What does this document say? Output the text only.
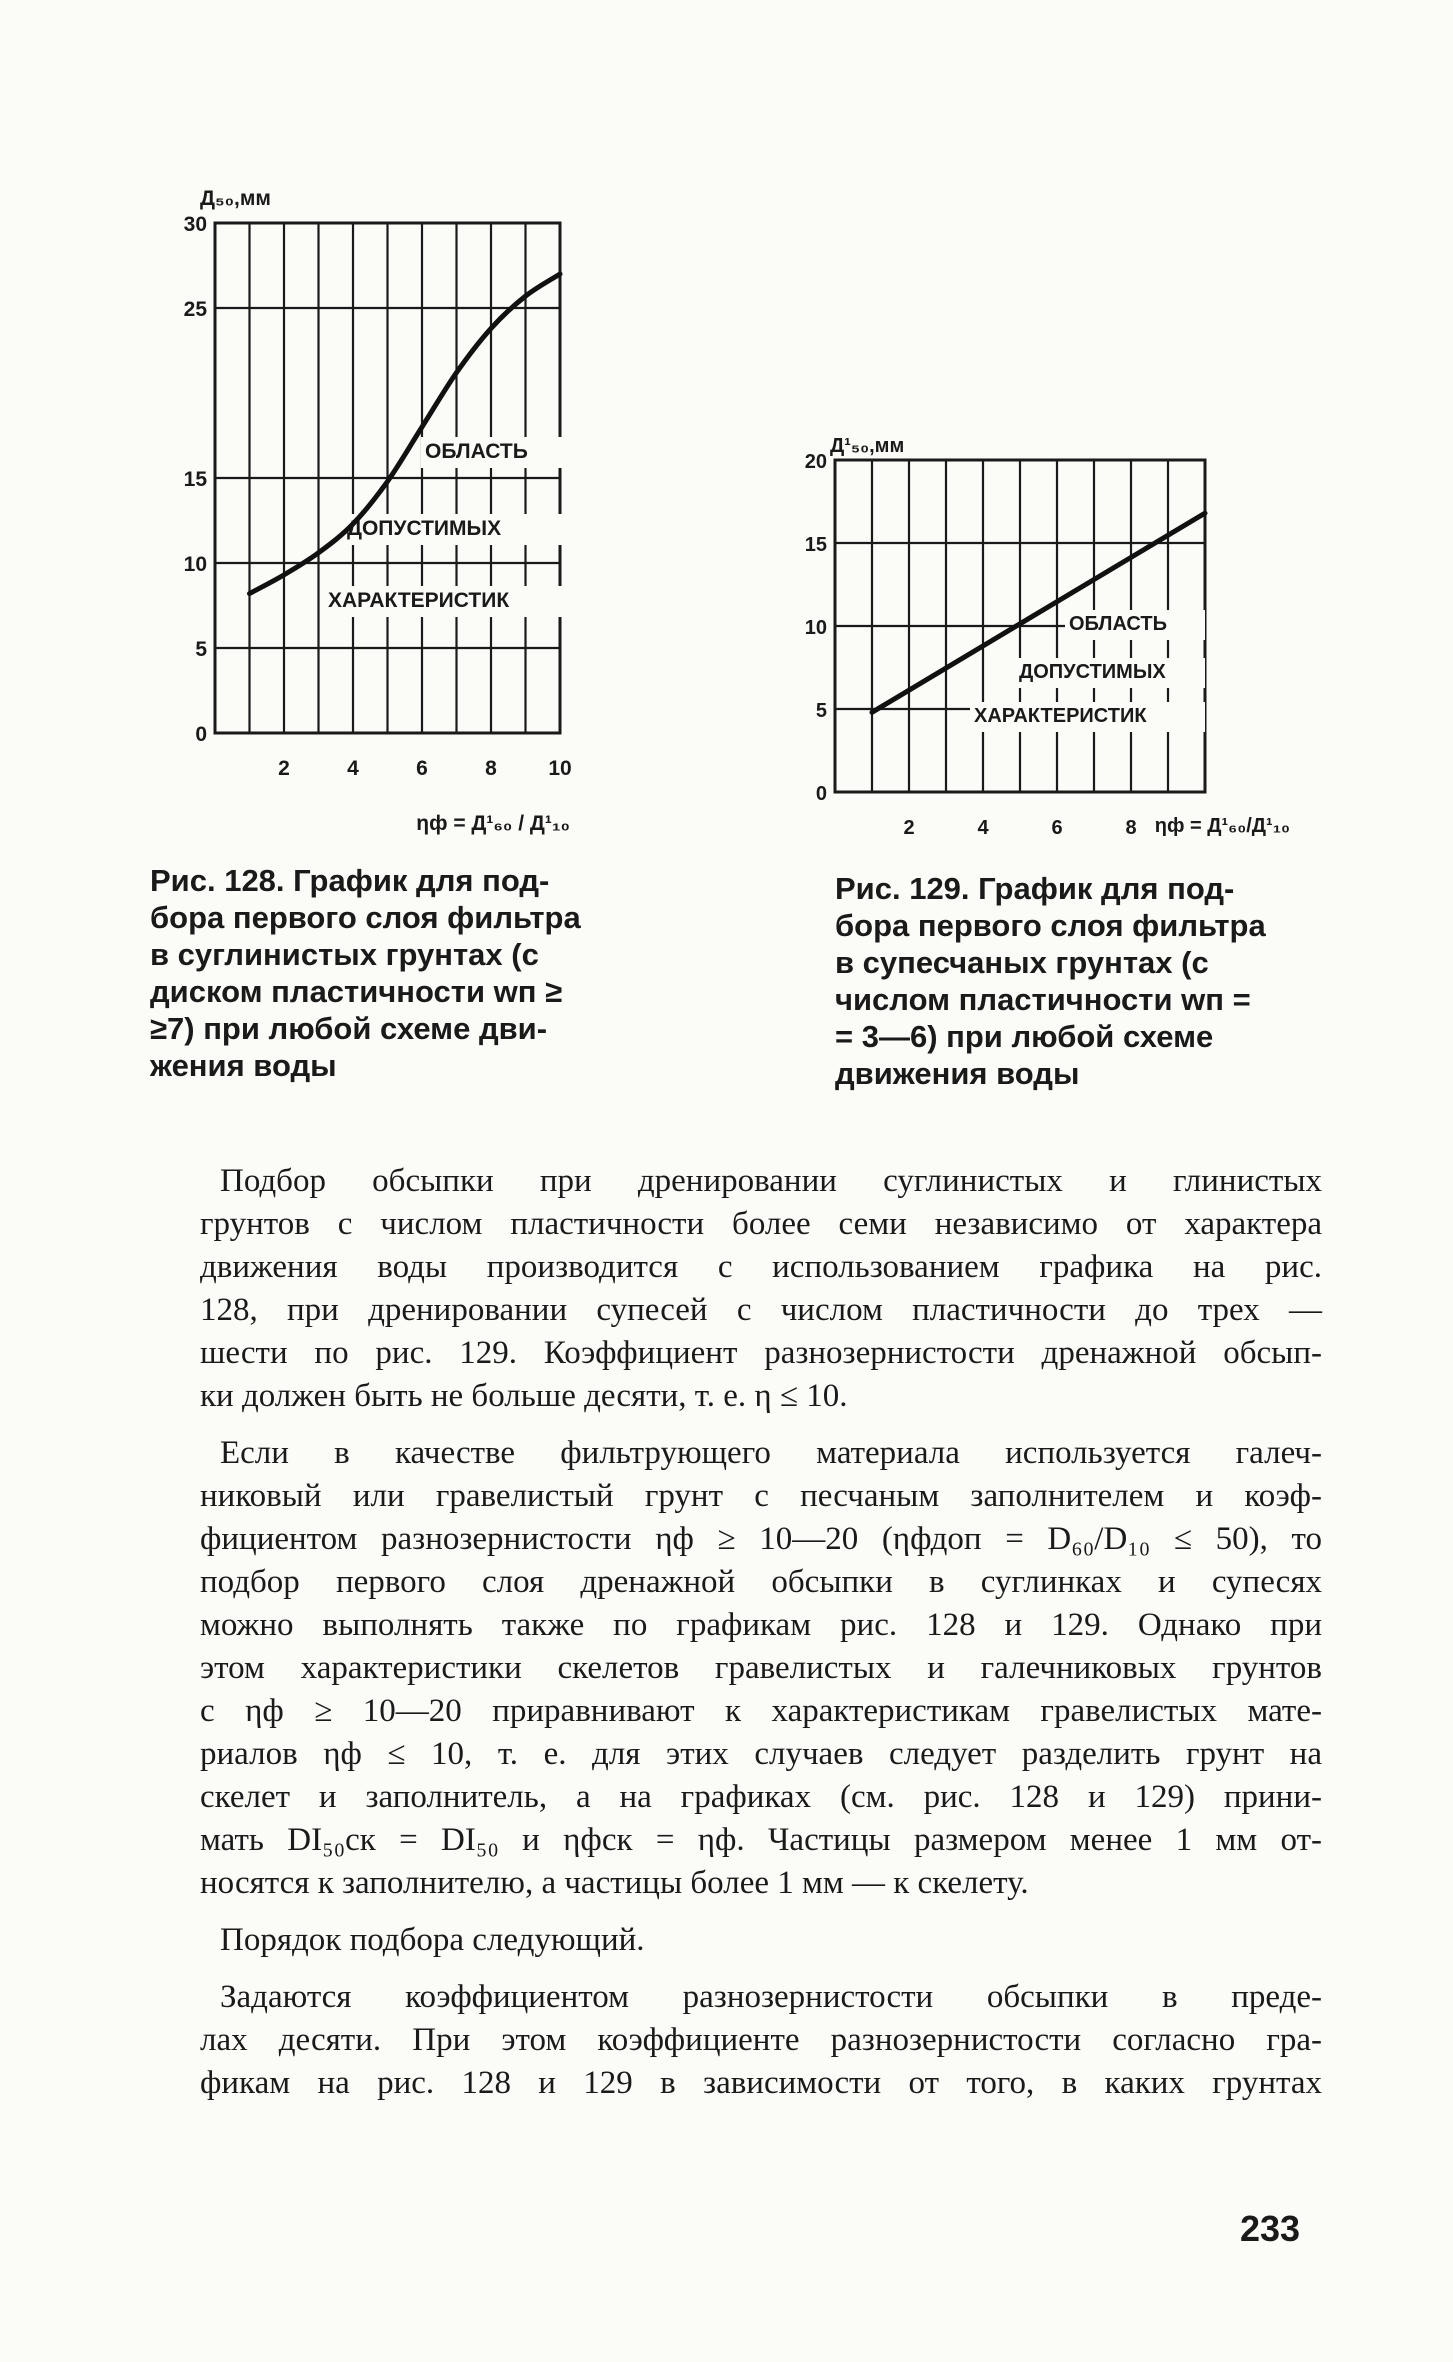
ОБЛАСТЬ
ДОПУСТИМЫХ
ХАРАКТЕРИСТИК
30
25
15
10
5
0
2	4	6	8 10
Д₅₀,мм
ηф = Д¹₆₀ / Д¹₁₀
ОБЛАСТЬ
ДОПУСТИМЫХ
ХАРАКТЕРИСТИК
20
15
10
5
0
2	4	6	8
Д¹₅₀,мм
ηф = Д¹₆₀/Д¹₁₀

Рис. 128. График для под-

бора первого слоя фильтра

в суглинистых грунтах (с

диском пластичности wп ≥

≥7) при любой схеме дви-

жения воды

Рис. 129. График для под-

бора первого слоя фильтра

в супесчаных грунтах (с

числом пластичности wп =

= 3—6) при любой схеме

движения воды

Подбор обсыпки при дренировании суглинистых и глинистых
грунтов с числом пластичности более семи независимо от характера
движения воды производится с использованием графика на рис.
128, при дренировании супесей с числом пластичности до трех —
шести по рис. 129. Коэффициент разнозернистости дренажной обсып-
ки должен быть не больше десяти, т. е. η ≤ 10.

Если в качестве фильтрующего материала используется галеч-
никовый или гравелистый грунт с песчаным заполнителем и коэф-
фициентом разнозернистости ηф ≥ 10—20 (ηфдоп = D₆₀/D₁₀ ≤ 50), то
подбор первого слоя дренажной обсыпки в суглинках и супесях
можно выполнять также по графикам рис. 128 и 129. Однако при
этом характеристики скелетов гравелистых и галечниковых грунтов
с ηф ≥ 10—20 приравнивают к характеристикам гравелистых мате-
риалов ηф ≤ 10, т. е. для этих случаев следует разделить грунт на
скелет и заполнитель, а на графиках (см. рис. 128 и 129) прини-
мать DI₅₀ск = DI₅₀ и ηфск = ηф. Частицы размером менее 1 мм от-
носятся к заполнителю, а частицы более 1 мм — к скелету.

Порядок подбора следующий.

Задаются коэффициентом разнозернистости обсыпки в преде-
лах десяти. При этом коэффициенте разнозернистости согласно гра-
фикам на рис. 128 и 129 в зависимости от того, в каких грунтах

233
